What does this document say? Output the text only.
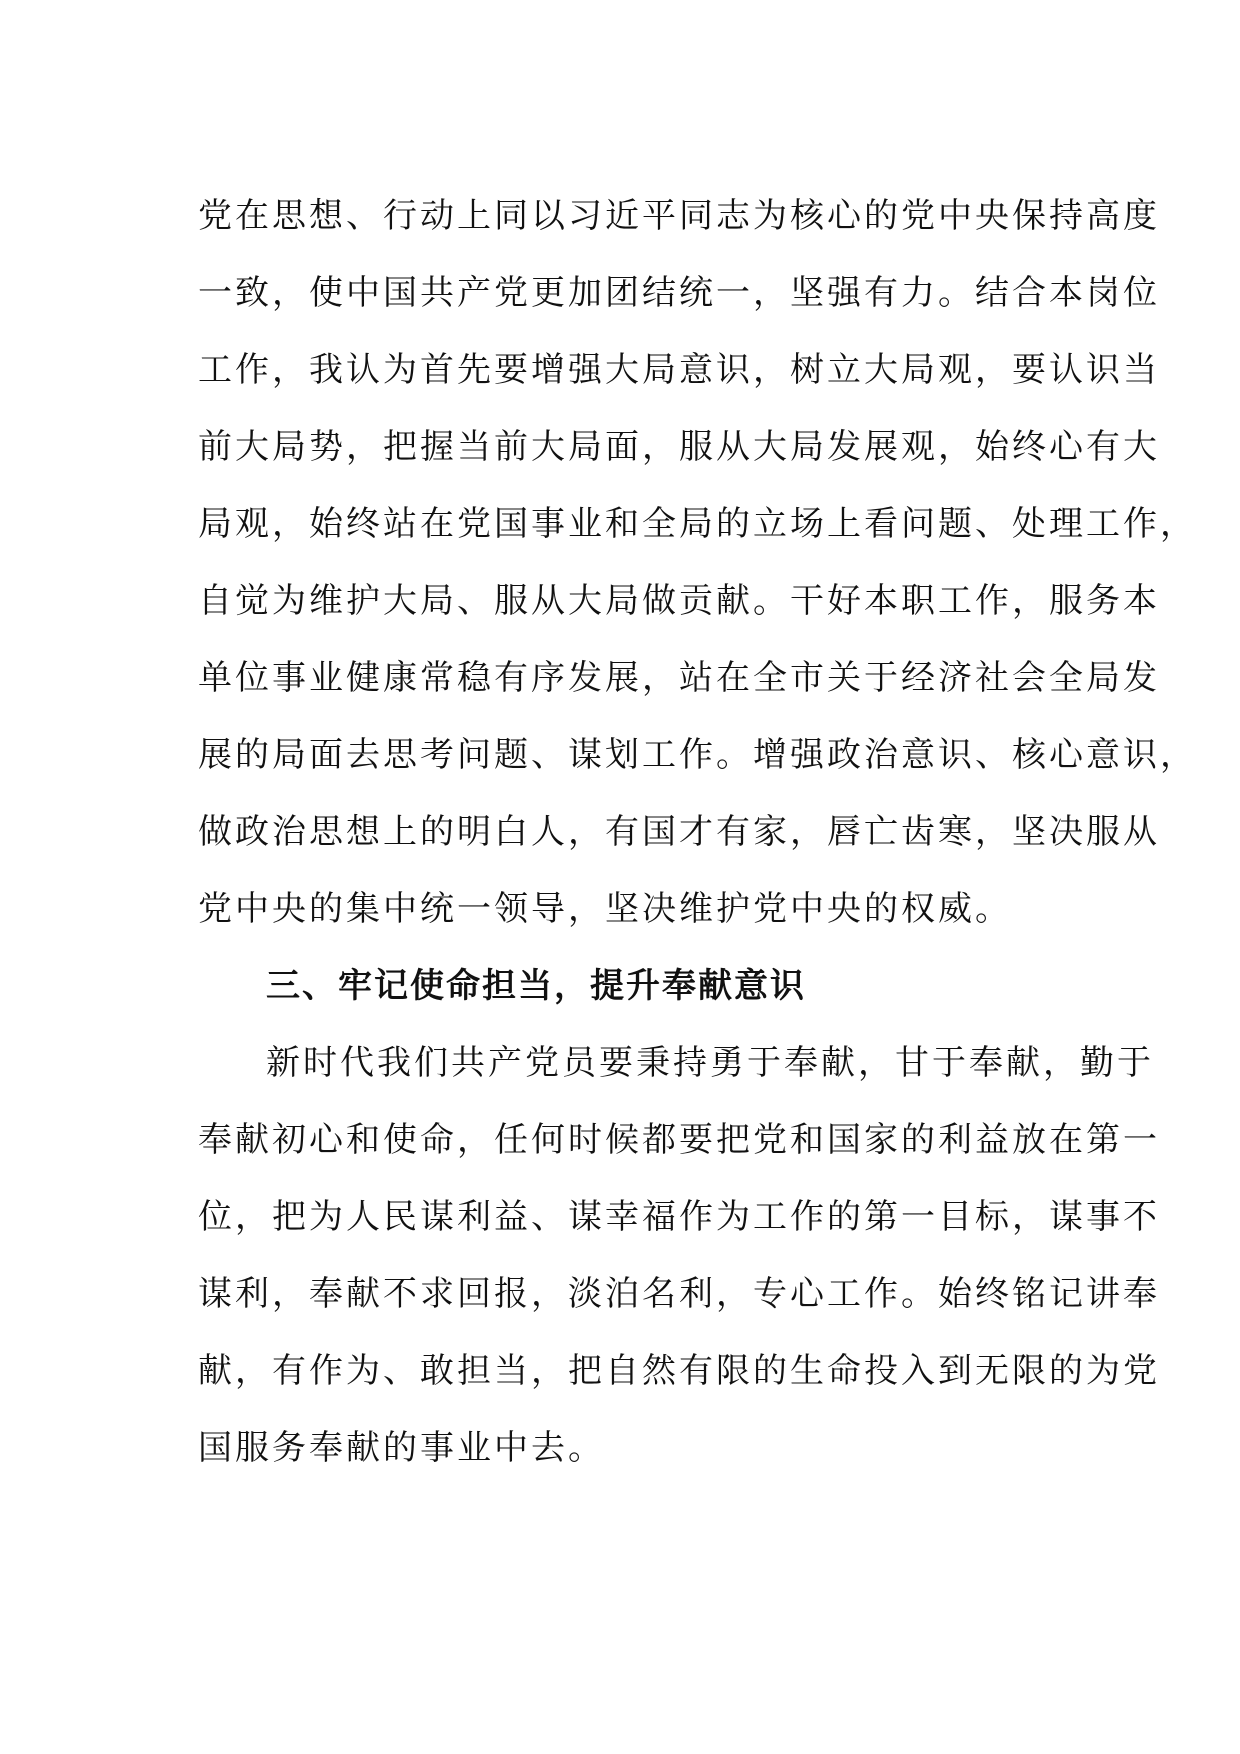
党在思想、行动上同以习近平同志为核心的党中央保持高度
一致，使中国共产党更加团结统一，坚强有力。结合本岗位
工作，我认为首先要增强大局意识，树立大局观，要认识当
前大局势，把握当前大局面，服从大局发展观，始终心有大
局观，始终站在党国事业和全局的立场上看问题、处理工作，
自觉为维护大局、服从大局做贡献。干好本职工作，服务本
单位事业健康常稳有序发展，站在全市关于经济社会全局发
展的局面去思考问题、谋划工作。增强政治意识、核心意识，
做政治思想上的明白人，有国才有家，唇亡齿寒，坚决服从
党中央的集中统一领导，坚决维护党中央的权威。
三、牢记使命担当，提升奉献意识
新时代我们共产党员要秉持勇于奉献，甘于奉献，勤于
奉献初心和使命，任何时候都要把党和国家的利益放在第一
位，把为人民谋利益、谋幸福作为工作的第一目标，谋事不
谋利，奉献不求回报，淡泊名利，专心工作。始终铭记讲奉
献，有作为、敢担当，把自然有限的生命投入到无限的为党
国服务奉献的事业中去。
